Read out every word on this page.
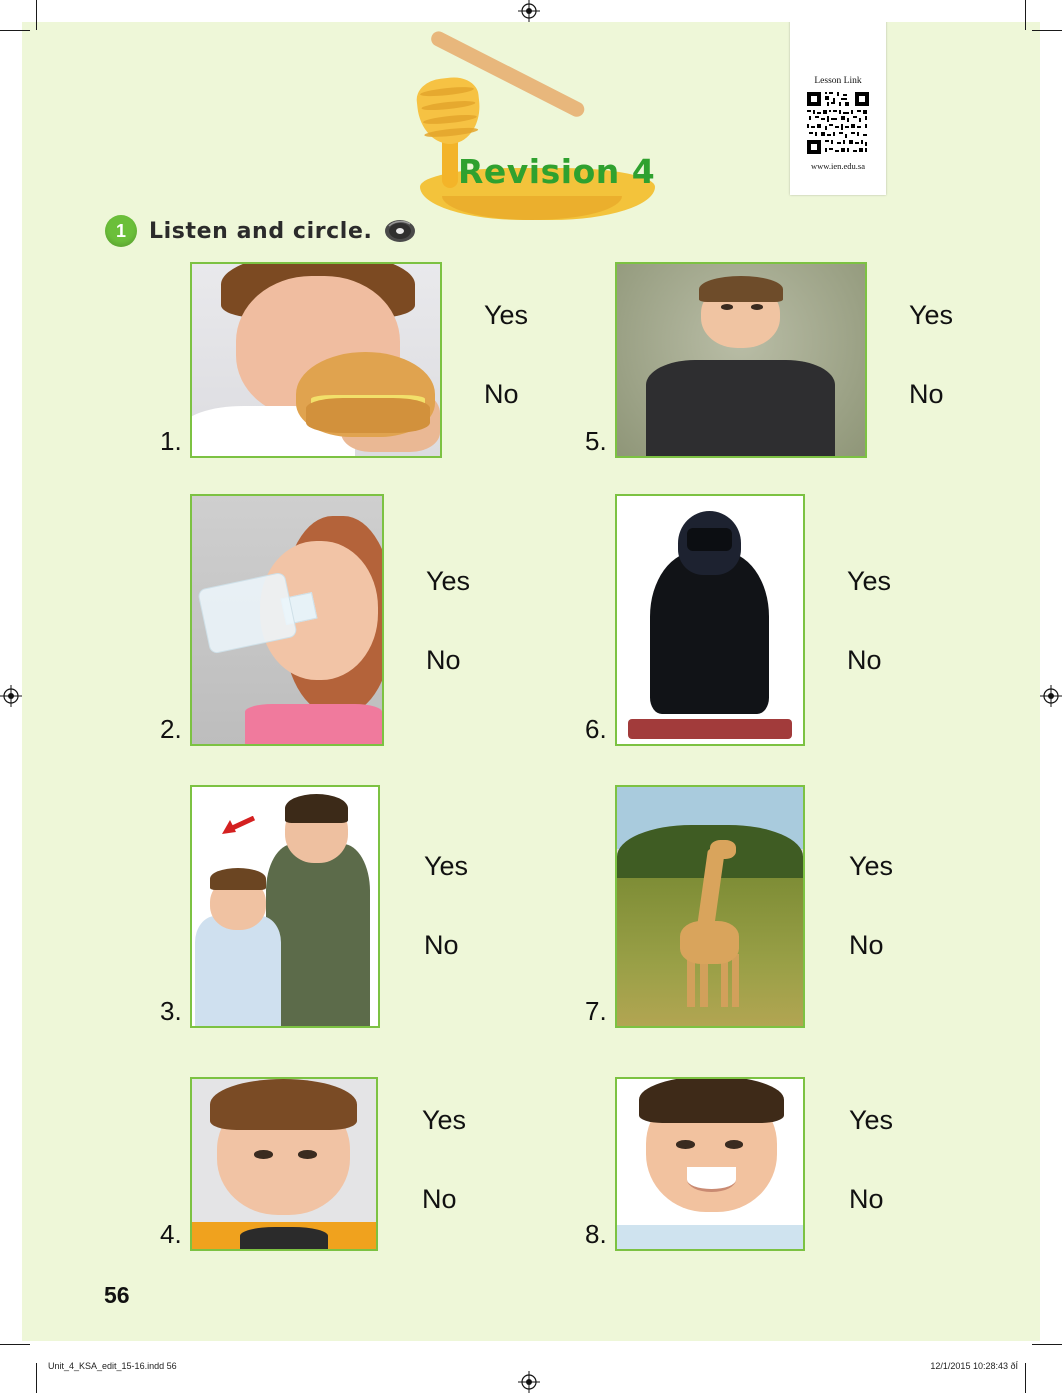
Revision 4
Lesson Link
www.ien.edu.sa
1	Listen and circle.
1.
Yes
No
2.
Yes
No
3.
Yes
No
4.
Yes
No
5.
Yes
No
6.
Yes
No
7.
Yes
No
8.
Yes
No
56
Unit_4_KSA_edit_15-16.indd 56	12/1/2015 10:28:43 ðÍ
